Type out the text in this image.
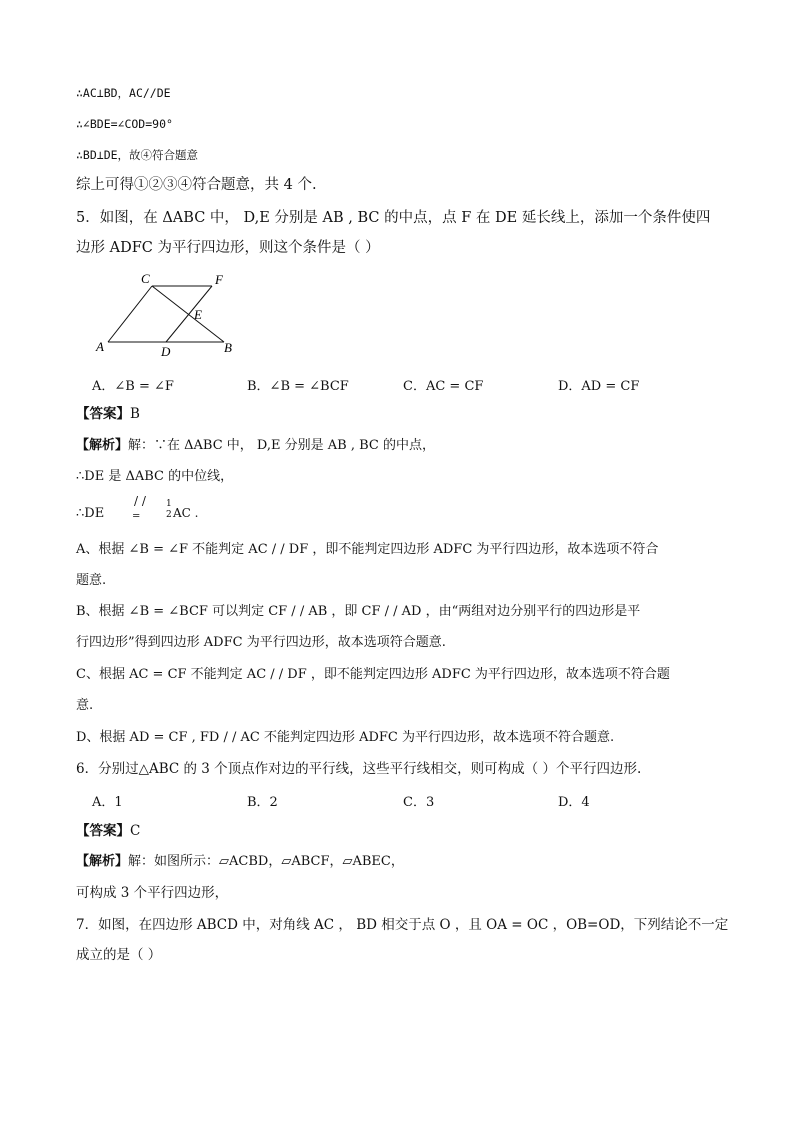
∴AC⊥BD，AC//DE
∴∠BDE=∠COD=90°
∴BD⊥DE，故④符合题意
综上可得①②③④符合题意，共 4 个.
5．如图，在 ΔABC 中， D,E 分别是 AB , BC 的中点，点 F 在 DE 延长线上，添加一个条件使四
边形 ADFC 为平行四边形，则这个条件是（ ）
C	F
E
A	D	B
A．∠B = ∠F	B．∠B = ∠BCF	C．AC = CF	D．AD = CF
【答案】B
【解析】解：∵在 ΔABC 中， D,E 分别是 AB , BC 的中点，
∴DE 是 ΔABC 的中位线，
∴DE
/ /
=
1
2 AC .
A、根据 ∠B = ∠F 不能判定 AC / / DF ，即不能判定四边形 ADFC 为平行四边形，故本选项不符合
题意.
B、根据 ∠B = ∠BCF 可以判定 CF / / AB ，即 CF / / AD ，由“两组对边分别平行的四边形是平
行四边形”得到四边形 ADFC 为平行四边形，故本选项符合题意.
C、根据 AC = CF 不能判定 AC / / DF ，即不能判定四边形 ADFC 为平行四边形，故本选项不符合题
意.
D、根据 AD = CF , FD / / AC 不能判定四边形 ADFC 为平行四边形，故本选项不符合题意.
6．分别过△ABC 的 3 个顶点作对边的平行线，这些平行线相交，则可构成（ ）个平行四边形.
A．1	B．2	C．3	D．4
【答案】C
【解析】解：如图所示：▱ACBD，▱ABCF，▱ABEC，
可构成 3 个平行四边形，
7．如图，在四边形 ABCD 中，对角线 AC ， BD 相交于点 O ，且 OA = OC ，OB=OD，下列结论不一定
成立的是（ ）
